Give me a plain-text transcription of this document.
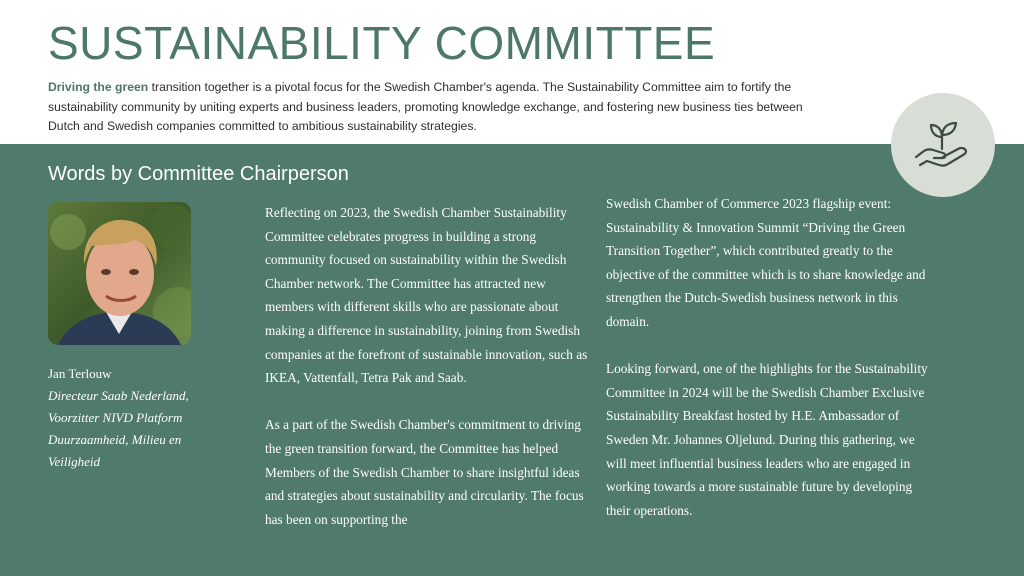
SUSTAINABILITY COMMITTEE

Driving the green transition together is a pivotal focus for the Swedish Chamber's agenda. The Sustainability Committee aim to fortify the sustainability community by uniting experts and business leaders, promoting knowledge exchange, and fostering new business ties between Dutch and Swedish companies committed to ambitious sustainability strategies.

Words by Committee Chairperson
Jan Terlouw
Directeur Saab Nederland, Voorzitter NIVD Platform Duurzaamheid, Milieu en Veiligheid

Reflecting on 2023, the Swedish Chamber Sustainability Committee celebrates progress in building a strong community focused on sustainability within the Swedish Chamber network. The Committee has attracted new members with different skills who are passionate about making a difference in sustainability, joining from Swedish companies at the forefront of sustainable innovation, such as IKEA, Vattenfall, Tetra Pak and Saab.

As a part of the Swedish Chamber's commitment to driving the green transition forward, the Committee has helped Members of the Swedish Chamber to share insightful ideas and strategies about sustainability and circularity. The focus has been on supporting the

Swedish Chamber of Commerce 2023 flagship event: Sustainability & Innovation Summit “Driving the Green Transition Together”, which contributed greatly to the objective of the committee which is to share knowledge and strengthen the Dutch-Swedish business network in this domain.

Looking forward, one of the highlights for the Sustainability Committee in 2024 will be the Swedish Chamber Exclusive Sustainability Breakfast hosted by H.E. Ambassador of Sweden Mr. Johannes Oljelund. During this gathering, we will meet influential business leaders who are engaged in working towards a more sustainable future by developing their operations.
